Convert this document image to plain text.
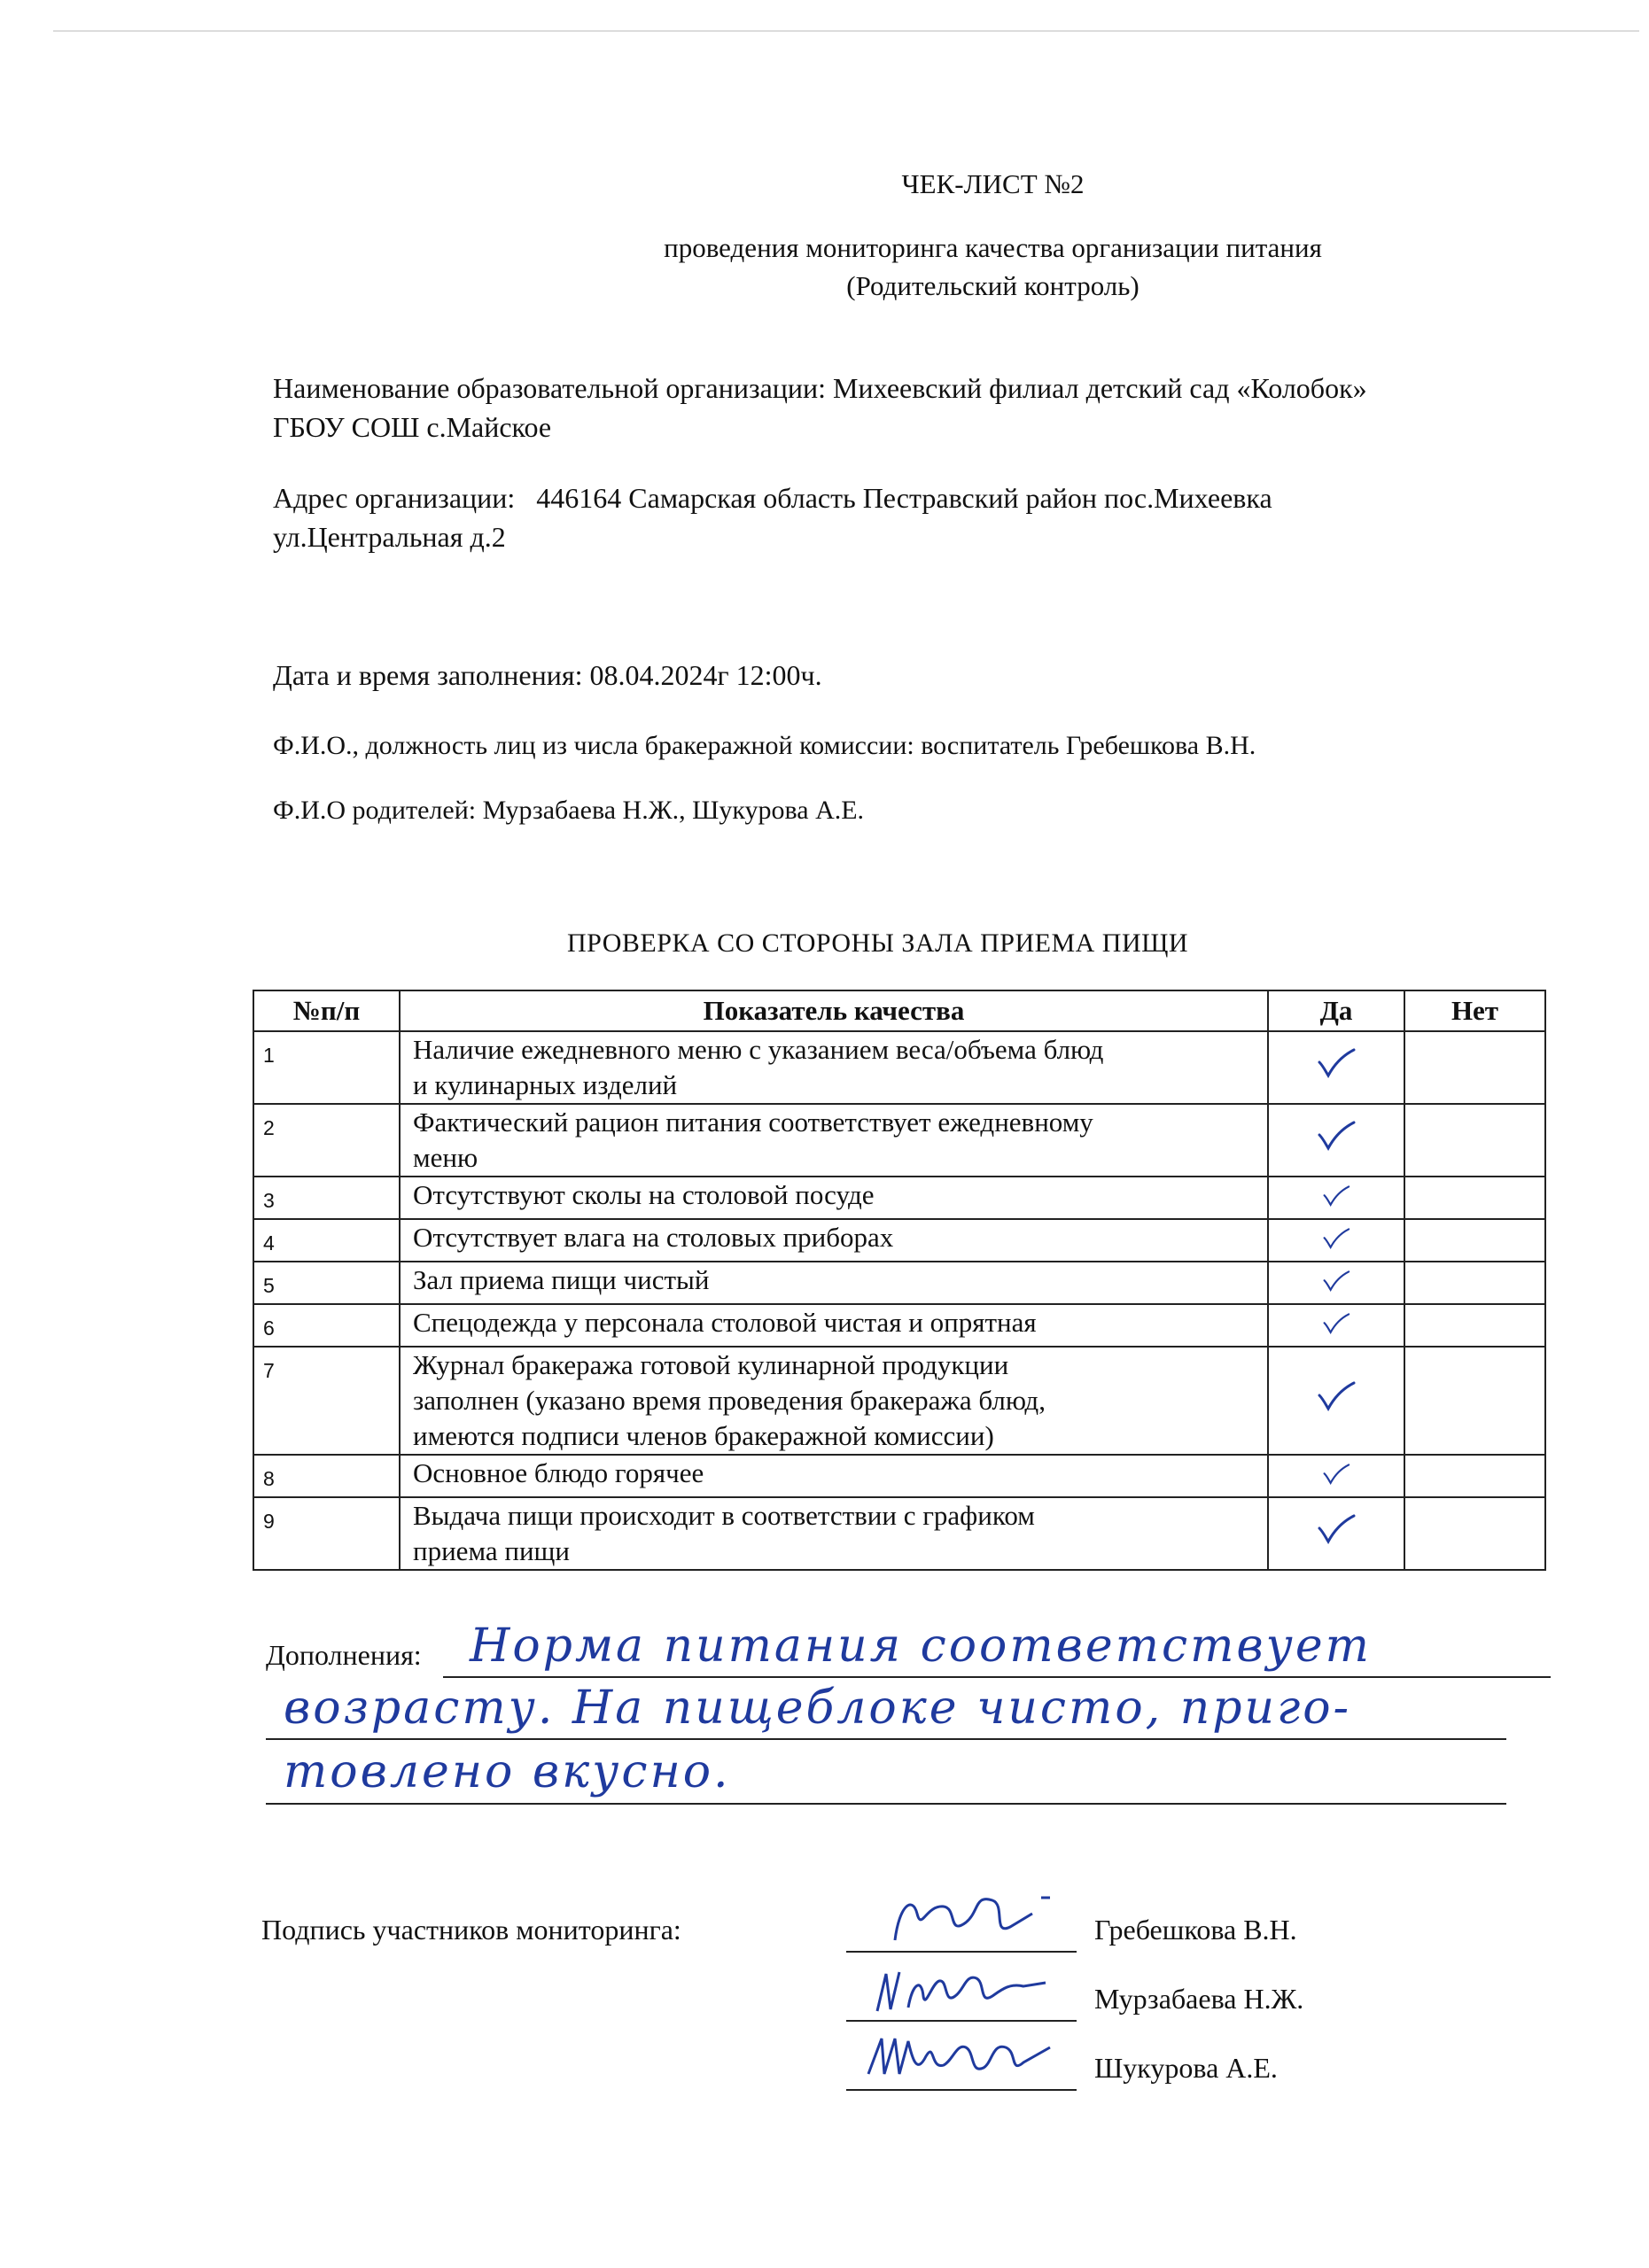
ЧЕК-ЛИСТ №2
проведения мониторинга качества организации питания
(Родительский контроль)
Наименование образовательной организации: Михеевский филиал детский сад «Колобок»
ГБОУ СОШ с.Майское
Адрес организации: 446164 Самарская область Пестравский район пос.Михеевка
ул.Центральная д.2
Дата и время заполнения: 08.04.2024г 12:00ч.
Ф.И.О., должность лиц из числа бракеражной комиссии: воспитатель Гребешкова В.Н.
Ф.И.О родителей: Мурзабаева Н.Ж., Шукурова А.Е.
ПРОВЕРКА СО СТОРОНЫ ЗАЛА ПРИЕМА ПИЩИ
№п/п	Показатель качества	Да	Нет
1	Наличие ежедневного меню с указанием веса/объема блюд
и кулинарных изделий

2	Фактический рацион питания соответствует ежедневному
меню

3	Отсутствуют сколы на столовой посуде

4	Отсутствует влага на столовых приборах

5	Зал приема пищи чистый

6	Спецодежда у персонала столовой чистая и опрятная

7	Журнал бракеража готовой кулинарной продукции
заполнен (указано время проведения бракеража блюд,
имеются подписи членов бракеражной комиссии)

8	Основное блюдо горячее

9	Выдача пищи происходит в соответствии с графиком
приема пищи

Дополнения: Норма питания соответствует
возрасту. На пищеблоке чисто, приго-
товлено вкусно.
Подпись участников мониторинга:	Гребешкова В.Н.
Мурзабаева Н.Ж.
Шукурова А.Е.
